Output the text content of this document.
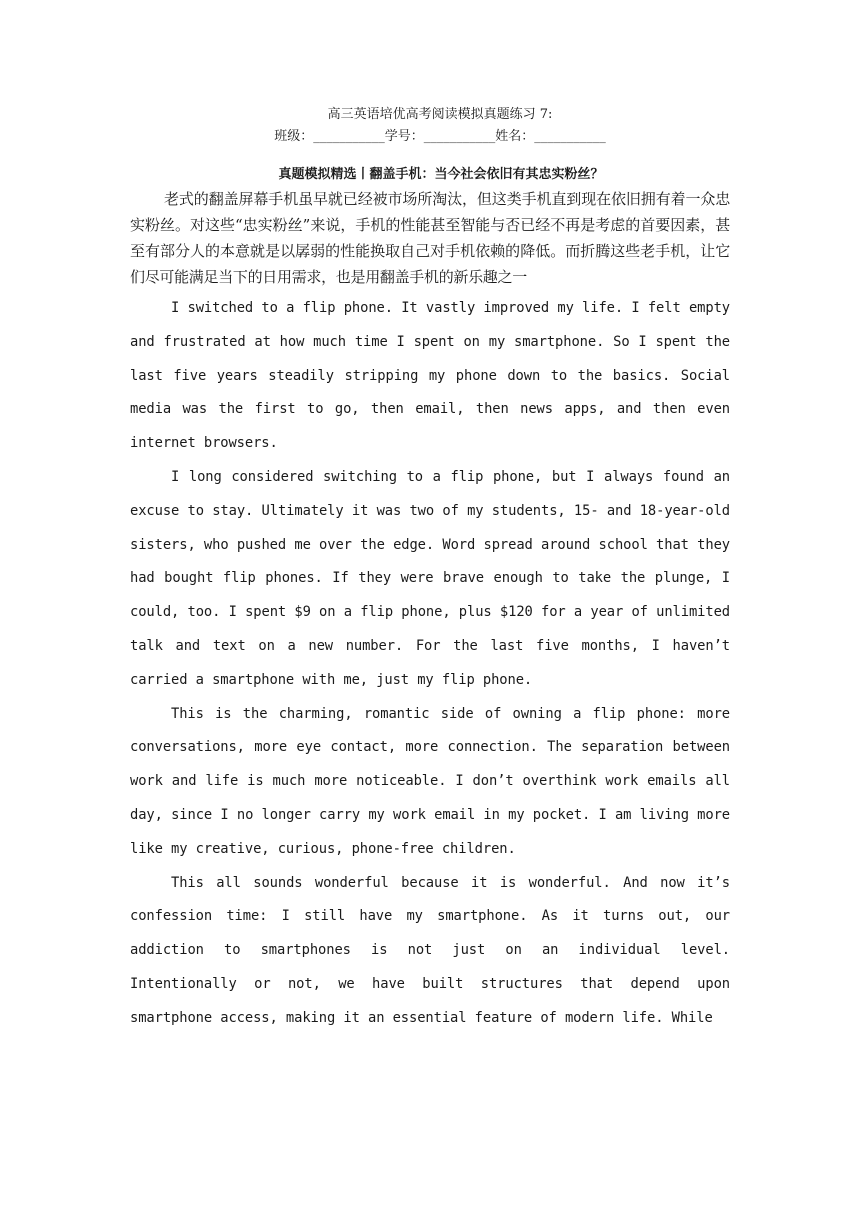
高三英语培优高考阅读模拟真题练习 7:

班级：___________学号：___________姓名：___________

真题模拟精选丨翻盖手机：当今社会依旧有其忠实粉丝？

老式的翻盖屏幕手机虽早就已经被市场所淘汰，但这类手机直到现在依旧拥有着一众忠实粉丝。对这些“忠实粉丝”来说，手机的性能甚至智能与否已经不再是考虑的首要因素，甚至有部分人的本意就是以孱弱的性能换取自己对手机依赖的降低。而折腾这些老手机，让它们尽可能满足当下的日用需求，也是用翻盖手机的新乐趣之一

I switched to a flip phone. It vastly improved my life. I felt empty and frustrated at how much time I spent on my smartphone. So I spent the last five years steadily stripping my phone down to the basics. Social media was the first to go, then email, then news apps, and then even internet browsers.

I long considered switching to a flip phone, but I always found an excuse to stay. Ultimately it was two of my students, 15- and 18-year-old sisters, who pushed me over the edge. Word spread around school that they had bought flip phones. If they were brave enough to take the plunge, I could, too. I spent $9 on a flip phone, plus $120 for a year of unlimited talk and text on a new number. For the last five months, I haven’t carried a smartphone with me, just my flip phone.

This is the charming, romantic side of owning a flip phone: more conversations, more eye contact, more connection. The separation between work and life is much more noticeable. I don’t overthink work emails all day, since I no longer carry my work email in my pocket. I am living more like my creative, curious, phone-free children.

This all sounds wonderful because it is wonderful. And now it’s confession time: I still have my smartphone. As it turns out, our addiction to smartphones is not just on an individual level. Intentionally or not, we have built structures that depend upon smartphone access, making it an essential feature of modern life. While
